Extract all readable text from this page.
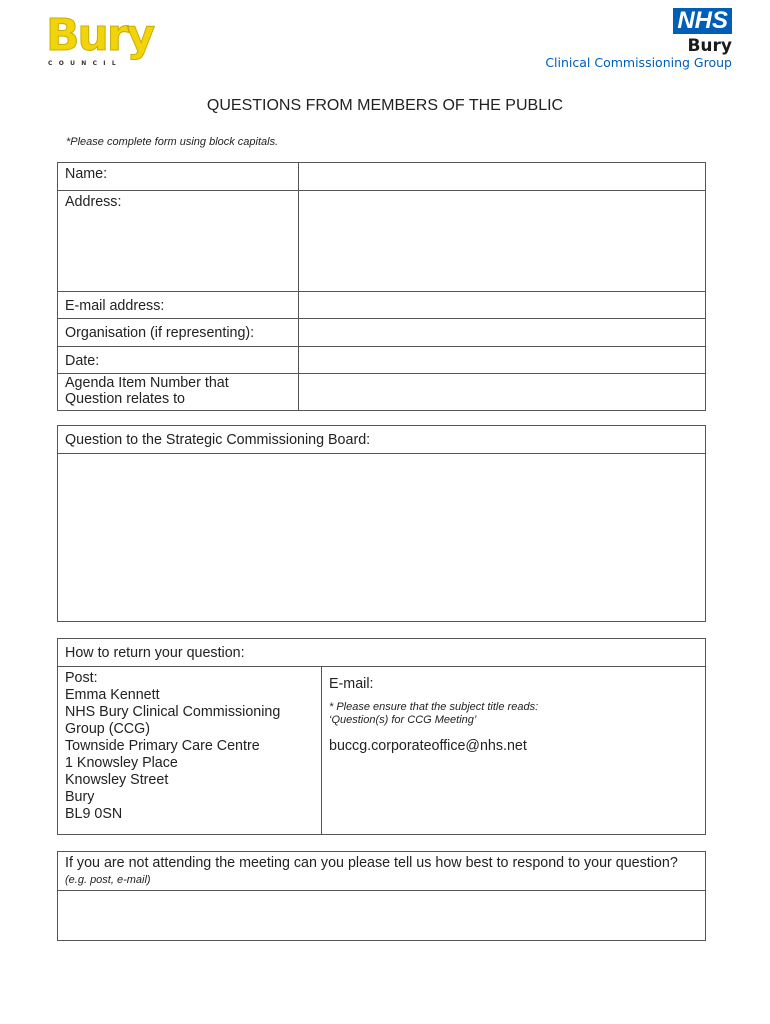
Bury
COUNCIL
NHS
Bury
Clinical Commissioning Group
QUESTIONS FROM MEMBERS OF THE PUBLIC
*Please complete form using block capitals.
Name:	
Address:	
E-mail address:	
Organisation (if representing):	
Date:	

Agenda Item Number that
Question relates to	

Question to the Strategic Commissioning Board:

How to return your question:

Post:
Emma Kennett
NHS Bury Clinical Commissioning
Group (CCG)
Townside Primary Care Centre
1 Knowsley Place
Knowsley Street
Bury
BL9 0SN

E-mail:
* Please ensure that the subject title reads:
‘Question(s) for CCG Meeting’
buccg.corporateoffice@nhs.net
If you are not attending the meeting can you please tell us how best to respond to your question? (e.g. post, e-mail)
